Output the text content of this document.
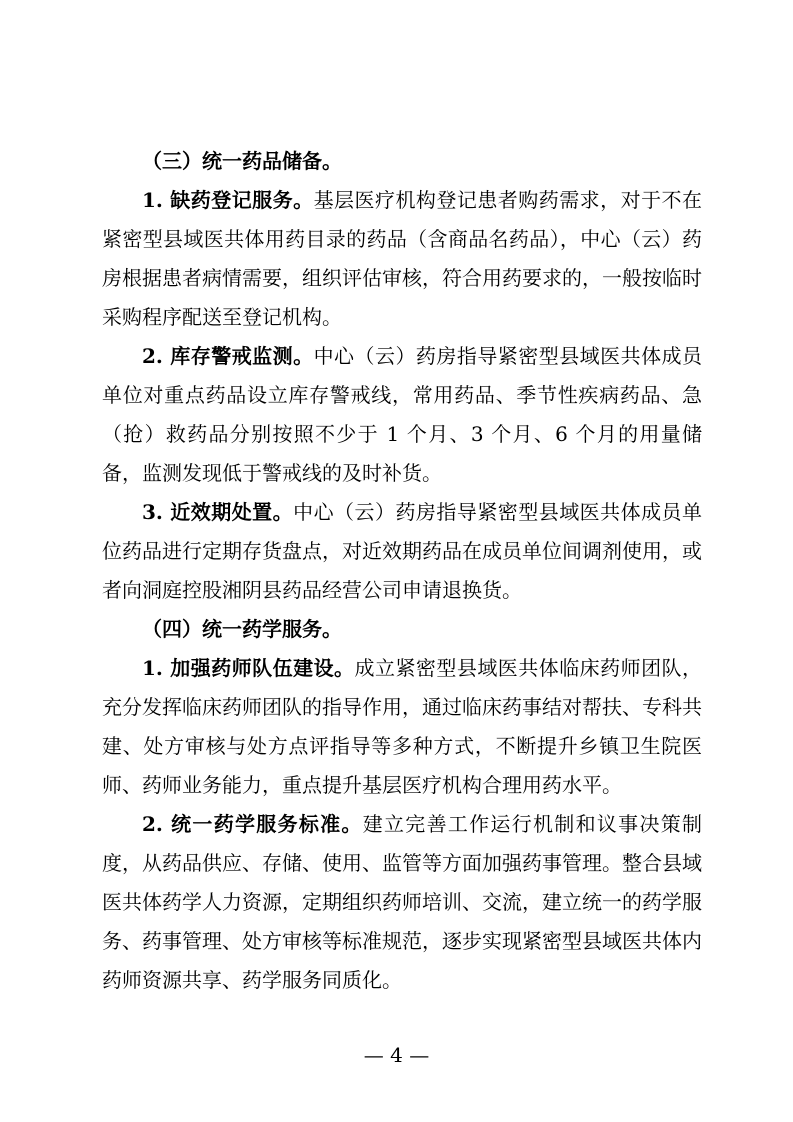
（三）统一药品储备。

1. 缺药登记服务。基层医疗机构登记患者购药需求，对于不在紧密型县域医共体用药目录的药品（含商品名药品），中心（云）药房根据患者病情需要，组织评估审核，符合用药要求的，一般按临时采购程序配送至登记机构。

2. 库存警戒监测。中心（云）药房指导紧密型县域医共体成员单位对重点药品设立库存警戒线，常用药品、季节性疾病药品、急（抢）救药品分别按照不少于 1 个月、3 个月、6 个月的用量储备，监测发现低于警戒线的及时补货。

3. 近效期处置。中心（云）药房指导紧密型县域医共体成员单位药品进行定期存货盘点，对近效期药品在成员单位间调剂使用，或者向洞庭控股湘阴县药品经营公司申请退换货。

（四）统一药学服务。

1. 加强药师队伍建设。成立紧密型县域医共体临床药师团队，充分发挥临床药师团队的指导作用，通过临床药事结对帮扶、专科共建、处方审核与处方点评指导等多种方式，不断提升乡镇卫生院医师、药师业务能力，重点提升基层医疗机构合理用药水平。

2. 统一药学服务标准。建立完善工作运行机制和议事决策制度，从药品供应、存储、使用、监管等方面加强药事管理。整合县域医共体药学人力资源，定期组织药师培训、交流，建立统一的药学服务、药事管理、处方审核等标准规范，逐步实现紧密型县域医共体内药师资源共享、药学服务同质化。

— 4 —
